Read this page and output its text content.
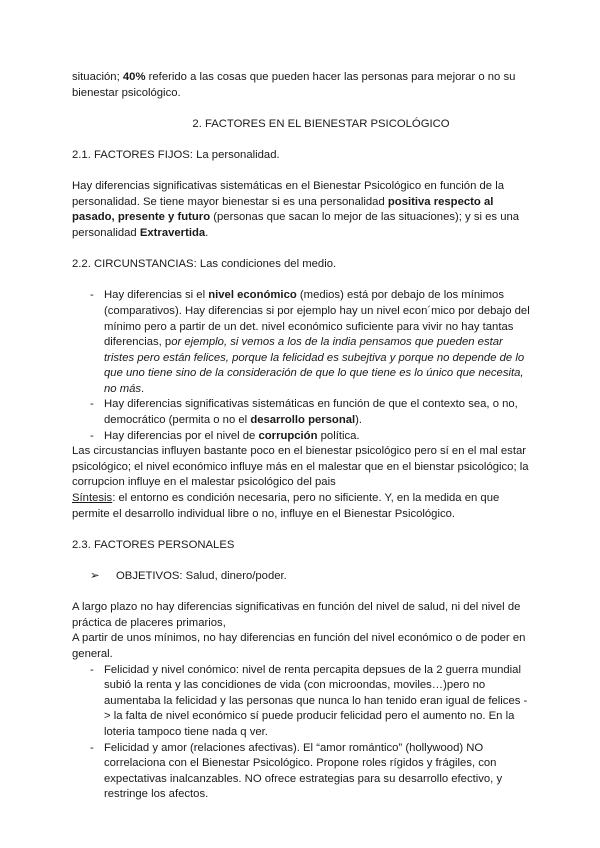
situación; 40% referido a las cosas que pueden hacer las personas para mejorar o no su bienestar psicológico.

2. FACTORES EN EL BIENESTAR PSICOLÓGICO

2.1. FACTORES FIJOS: La personalidad.

Hay diferencias significativas sistemáticas en el Bienestar Psicológico en función de la personalidad. Se tiene mayor bienestar si es una personalidad positiva respecto al pasado, presente y futuro (personas que sacan lo mejor de las situaciones); y si es una personalidad Extravertida.

2.2. CIRCUNSTANCIAS: Las condiciones del medio.

- Hay diferencias si el nivel económico (medios) está por debajo de los mínimos (comparativos). Hay diferencias si por ejemplo hay un nivel econ´mico por debajo del mínimo pero a partir de un det. nivel económico suficiente para vivir no hay tantas diferencias, por ejemplo, si vemos a los de la india pensamos que pueden estar tristes pero están felices, porque la felicidad es subejtiva y porque no depende de lo que uno tiene sino de la consideración de que lo que tiene es lo único que necesita, no más.
- Hay diferencias significativas sistemáticas en función de que el contexto sea, o no, democrático (permita o no el desarrollo personal).
- Hay diferencias por el nivel de corrupción política.

Las circustancias influyen bastante poco en el bienestar psicológico pero sí en el mal estar psicológico; el nivel económico influye más en el malestar que en el bienstar psicológico; la corrupcion influye en el malestar psicológico del pais

Síntesis: el entorno es condición necesaria, pero no sificiente. Y, en la medida en que permite el desarrollo individual libre o no, influye en el Bienestar Psicológico.

2.3. FACTORES PERSONALES

➢ OBJETIVOS: Salud, dinero/poder.

A largo plazo no hay diferencias significativas en función del nivel de salud, ni del nivel de práctica de placeres primarios,

A partir de unos mínimos, no hay diferencias en función del nivel económico o de poder en general.

- Felicidad y nivel conómico: nivel de renta percapita depsues de la 2 guerra mundial subió la renta y las concidiones de vida (con microondas, moviles…)pero no aumentaba la felicidad y las personas que nunca lo han tenido eran igual de felices -> la falta de nivel económico sí puede producir felicidad pero el aumento no. En la loteria tampoco tiene nada q ver.
- Felicidad y amor (relaciones afectivas). El “amor romántico” (hollywood) NO correlaciona con el Bienestar Psicológico. Propone roles rígidos y frágiles, con expectativas inalcanzables. NO ofrece estrategias para su desarrollo efectivo, y restringe los afectos.
